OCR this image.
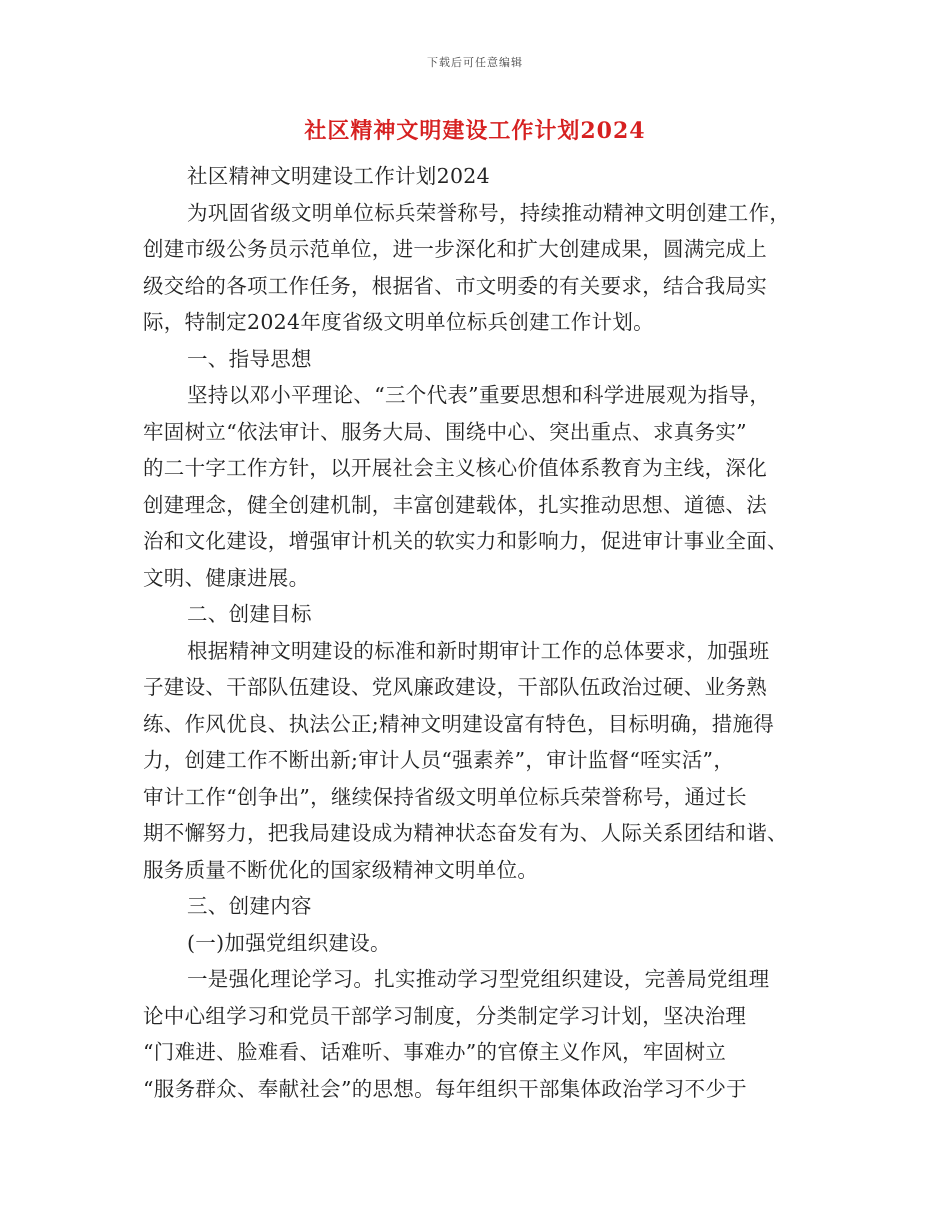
下载后可任意编辑
社区精神文明建设工作计划2024

社区精神文明建设工作计划2024

为巩固省级文明单位标兵荣誉称号，持续推动精神文明创建工作，
创建市级公务员示范单位，进一步深化和扩大创建成果，圆满完成上
级交给的各项工作任务，根据省、市文明委的有关要求，结合我局实
际，特制定2024年度省级文明单位标兵创建工作计划。

一、指导思想

坚持以邓小平理论、“三个代表”重要思想和科学进展观为指导，
牢固树立“依法审计、服务大局、围绕中心、突出重点、求真务实”
的二十字工作方针，以开展社会主义核心价值体系教育为主线，深化
创建理念，健全创建机制，丰富创建载体，扎实推动思想、道德、法
治和文化建设，增强审计机关的软实力和影响力，促进审计事业全面、
文明、健康进展。

二、创建目标

根据精神文明建设的标准和新时期审计工作的总体要求，加强班
子建设、干部队伍建设、党风廉政建设，干部队伍政治过硬、业务熟
练、作风优良、执法公正;精神文明建设富有特色，目标明确，措施得
力，创建工作不断出新;审计人员“强素养”，审计监督“咥实活”，
审计工作“创争出”，继续保持省级文明单位标兵荣誉称号，通过长
期不懈努力，把我局建设成为精神状态奋发有为、人际关系团结和谐、
服务质量不断优化的国家级精神文明单位。

三、创建内容

(一)加强党组织建设。

一是强化理论学习。扎实推动学习型党组织建设，完善局党组理
论中心组学习和党员干部学习制度，分类制定学习计划，坚决治理
“门难进、脸难看、话难听、事难办”的官僚主义作风，牢固树立
“服务群众、奉献社会”的思想。每年组织干部集体政治学习不少于
